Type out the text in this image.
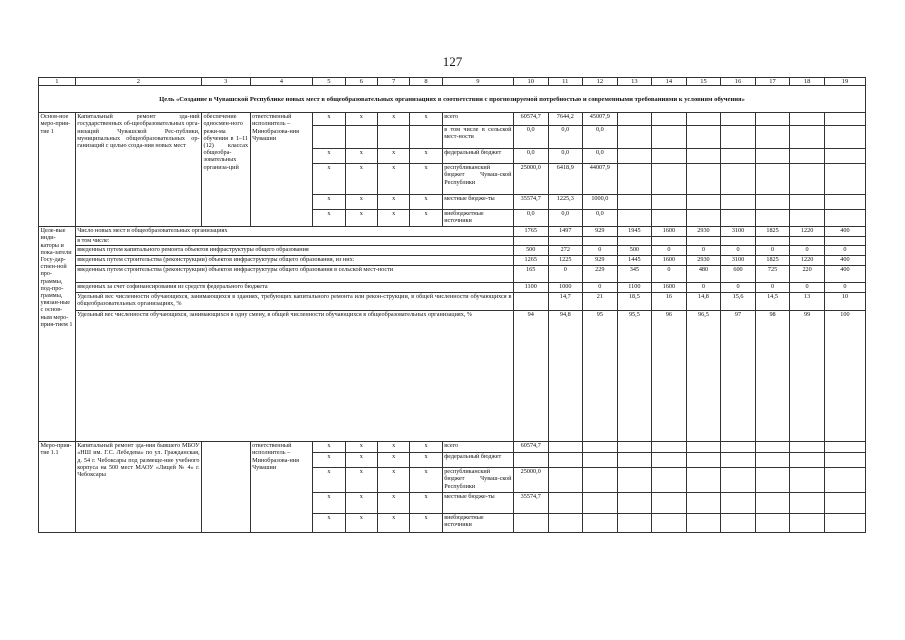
127
1	2	3	4	5	6	7	8	9	10	11	12	13	14	15	16	17	18	19
Цель «Создание в Чувашской Республике новых мест в общеобразовательных организациях в соответствии с прогнозируемой потребностью и современными требованиями к условиям обучения»																		
Основ-ное меро-прия-тие 1	Капитальный ремонт зда-ний государственных об-щеобразовательных орга-низаций Чувашской Рес-публики, муниципальных общеобразовательных ор-ганизаций с целью созда-ния новых мест	обеспечение односмен-ного режи-ма обучения в 1–11 (12) классах общеобра-зовательных организа-ций	ответственный исполнитель – Минобразова-ния Чувашии	x	x	x	x	всего	60574,7	7644,2	45007,9							
								в том числе в сельской мест-ности	0,0	0,0	0,0							
				x	x	x	x	федеральный бюджет	0,0	0,0	0,0							
				x	x	x	x	республиканский бюджет Чуваш-ской Республики	25000,0	6418,9	44007,9							
				x	x	x	x	местные бюдже-ты	35574,7	1225,3	1000,0							
				x	x	x	x	внебюджетные источники	0,0	0,0	0,0							
Целе-вые инди-каторы и пока-затели Госу-дар-ствен-ной про-граммы, под-про-граммы, увязан-ные с основ-ным меро-прия-тием 1	Число новых мест в общеобразовательных организациях								1765	1497	929	1945	1600	2930	3100	1825	1220	400
	в том числе:																	
	введенных путем капитального ремонта объектов инфраструктуры общего образования								500	272	0	500	0	0	0	0	0	0
	введенных путем строительства (реконструкции) объектов инфраструктуры общего образования, из них:								1265	1225	929	1445	1600	2930	3100	1825	1220	400
	введенных путем строительства (реконструкции) объектов инфраструктуры общего образования в сельской мест-ности								165	0	229	345	0	480	600	725	220	400
	введенных за счет софинансирования из средств федерального бюджета								1100	1000	0	1100	1600	0	0	0	0	0
	Удельный вес численности обучающихся, занимающихся в зданиях, требующих капитального ремонта или рекон-струкции, в общей численности обучающихся в общеобразовательных организациях, %									14,7	21	18,5	16	14,8	15,6	14,5	13	10
	Удельный вес численности обучающихся, занимающихся в одну смену, в общей численности обучающихся в общеобразовательных организациях, %								94	94,8	95	95,5	96	96,5	97	98	99	100
Меро-прия-тие 1.1	Капитальный ремонт зда-ния бывшего МБОУ «НШ им. Г.С. Лебедева» по ул. Гражданская, д. 54 г. Чебоксары под размеще-ние учебного корпуса на 500 мест МАОУ «Лицей № 4» г. Чебоксары		ответственный исполнитель – Минобразова-ния Чувашии	x	x	x	x	всего	60574,7									
				x	x	x	x	федеральный бюджет										
				x	x	x	x	республиканский бюджет Чуваш-ской Республики	25000,0									
				x	x	x	x	местные бюдже-ты	35574,7									
				x	x	x	x	внебюджетные источники										
